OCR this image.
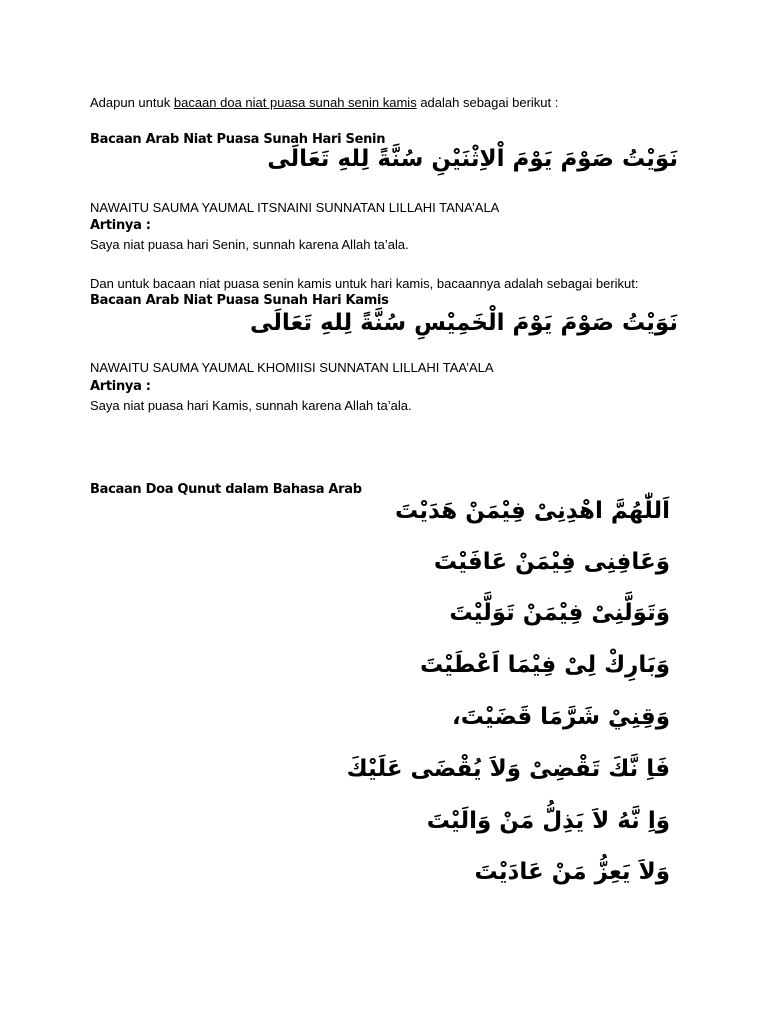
Adapun untuk bacaan doa niat puasa sunah senin kamis adalah sebagai berikut :
Bacaan Arab Niat Puasa Sunah Hari Senin
نَوَيْتُ صَوْمَ يَوْمَ اْلاِثْنَيْنِ سُنَّةً لِلهِ تَعَالَى
NAWAITU SAUMA YAUMAL ITSNAINI SUNNATAN LILLAHI TANA’ALA
Artinya :
Saya niat puasa hari Senin, sunnah karena Allah ta’ala.
Dan untuk bacaan niat puasa senin kamis untuk hari kamis, bacaannya adalah sebagai berikut:
Bacaan Arab Niat Puasa Sunah Hari Kamis
نَوَيْتُ صَوْمَ يَوْمَ الْخَمِيْسِ سُنَّةً لِلهِ تَعَالَى
NAWAITU SAUMA YAUMAL KHOMIISI SUNNATAN LILLAHI TAA’ALA
Artinya :
Saya niat puasa hari Kamis, sunnah karena Allah ta’ala.
Bacaan Doa Qunut dalam Bahasa Arab
اَللّٰهُمَّ اهْدِنِىْ فِيْمَنْ هَدَيْتَ
وَعَافِنِى فِيْمَنْ عَافَيْتَ
وَتَوَلَّنِىْ فِيْمَنْ تَوَلَّيْتَ
وَبَارِكْ لِىْ فِيْمَا اَعْطَيْتَ
وَقِنِيْ شَرَّمَا قَضَيْتَ،
فَاِ نَّكَ تَقْضِىْ وَلاَ يُقْضَى عَلَيْكَ
وَاِ نَّهُ لاَ يَذِلُّ مَنْ وَالَيْتَ
وَلاَ يَعِزُّ مَنْ عَادَيْتَ
